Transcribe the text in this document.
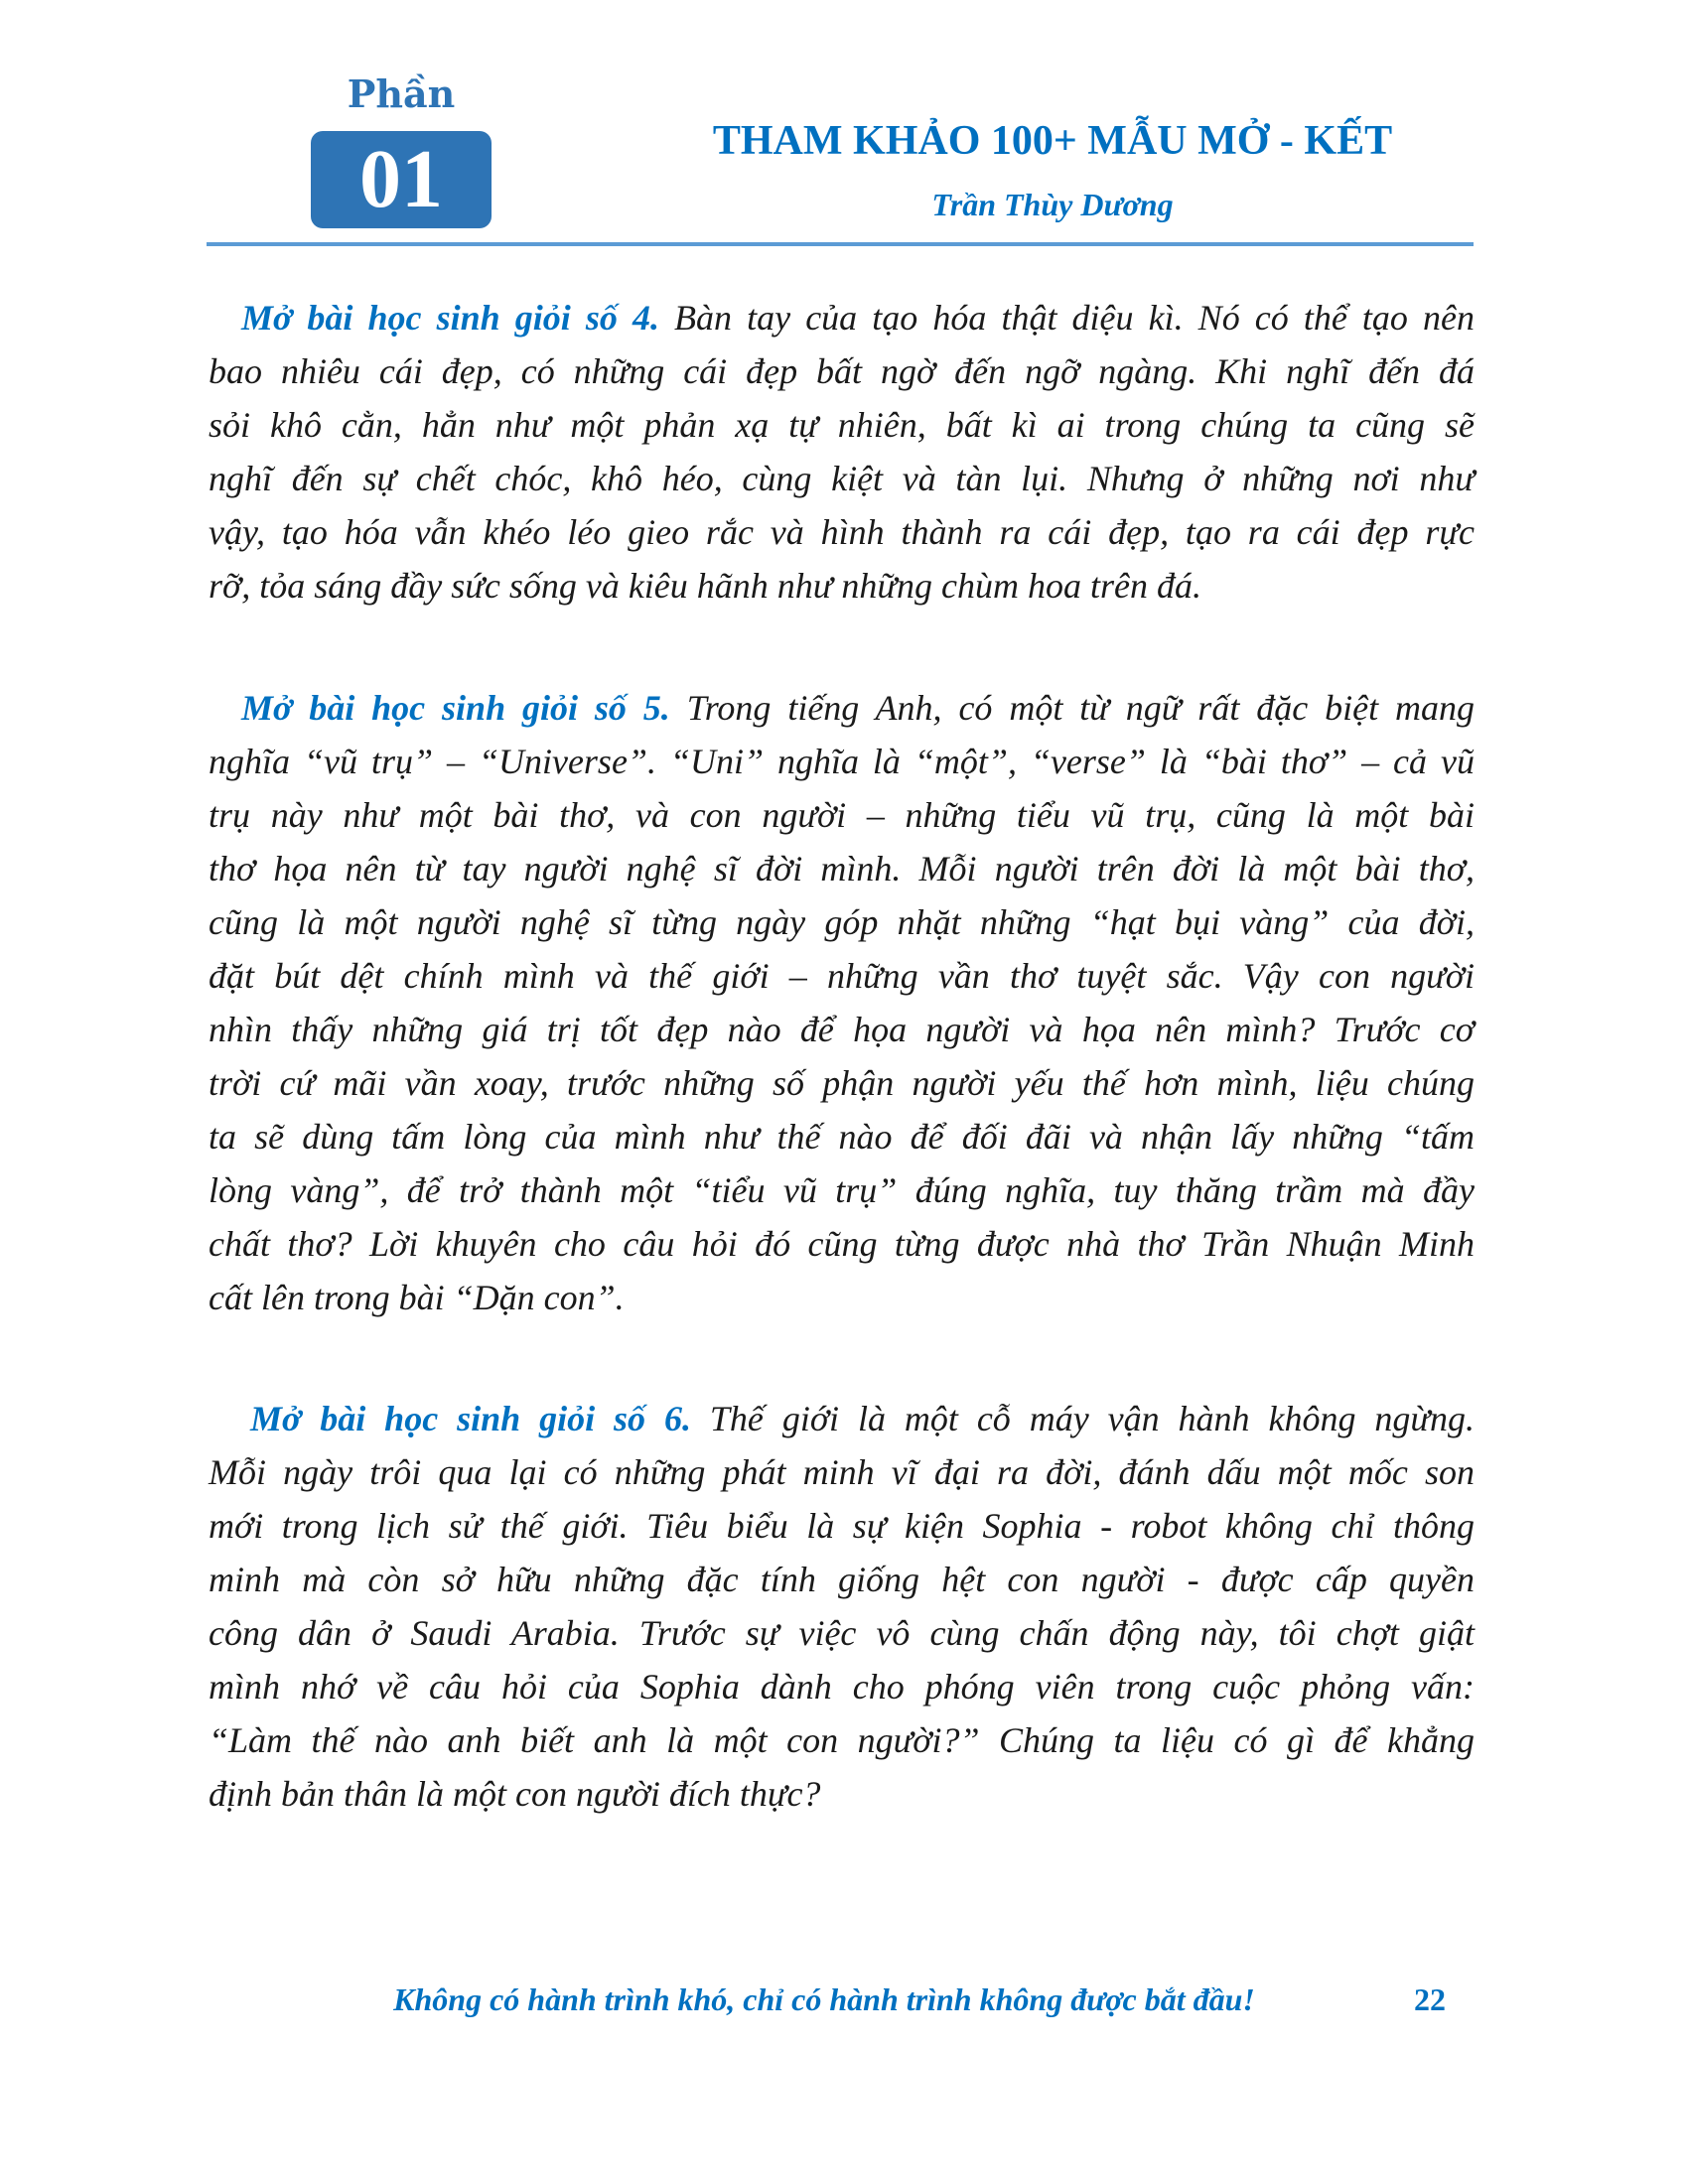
Phần
01	THAM KHẢO 100+ MẪU MỞ - KẾT
Trần Thùy Dương
Mở bài học sinh giỏi số 4. Bàn tay của tạo hóa thật diệu kì. Nó có thể tạo nên
bao nhiêu cái đẹp, có những cái đẹp bất ngờ đến ngỡ ngàng. Khi nghĩ đến đá
sỏi khô cằn, hẳn như một phản xạ tự nhiên, bất kì ai trong chúng ta cũng sẽ
nghĩ đến sự chết chóc, khô héo, cùng kiệt và tàn lụi. Nhưng ở những nơi như
vậy, tạo hóa vẫn khéo léo gieo rắc và hình thành ra cái đẹp, tạo ra cái đẹp rực
rỡ, tỏa sáng đầy sức sống và kiêu hãnh như những chùm hoa trên đá.
Mở bài học sinh giỏi số 5. Trong tiếng Anh, có một từ ngữ rất đặc biệt mang
nghĩa “vũ trụ” – “Universe”. “Uni” nghĩa là “một”, “verse” là “bài thơ” – cả vũ
trụ này như một bài thơ, và con người – những tiểu vũ trụ, cũng là một bài
thơ họa nên từ tay người nghệ sĩ đời mình. Mỗi người trên đời là một bài thơ,
cũng là một người nghệ sĩ từng ngày góp nhặt những “hạt bụi vàng” của đời,
đặt bút dệt chính mình và thế giới – những vần thơ tuyệt sắc. Vậy con người
nhìn thấy những giá trị tốt đẹp nào để họa người và họa nên mình? Trước cơ
trời cứ mãi vần xoay, trước những số phận người yếu thế hơn mình, liệu chúng
ta sẽ dùng tấm lòng của mình như thế nào để đối đãi và nhận lấy những “tấm
lòng vàng”, để trở thành một “tiểu vũ trụ” đúng nghĩa, tuy thăng trầm mà đầy
chất thơ? Lời khuyên cho câu hỏi đó cũng từng được nhà thơ Trần Nhuận Minh
cất lên trong bài “Dặn con”.
Mở bài học sinh giỏi số 6. Thế giới là một cỗ máy vận hành không ngừng.
Mỗi ngày trôi qua lại có những phát minh vĩ đại ra đời, đánh dấu một mốc son
mới trong lịch sử thế giới. Tiêu biểu là sự kiện Sophia - robot không chỉ thông
minh mà còn sở hữu những đặc tính giống hệt con người - được cấp quyền
công dân ở Saudi Arabia. Trước sự việc vô cùng chấn động này, tôi chợt giật
mình nhớ về câu hỏi của Sophia dành cho phóng viên trong cuộc phỏng vấn:
“Làm thế nào anh biết anh là một con người?” Chúng ta liệu có gì để khẳng
định bản thân là một con người đích thực?
Không có hành trình khó, chỉ có hành trình không được bắt đầu!	22
